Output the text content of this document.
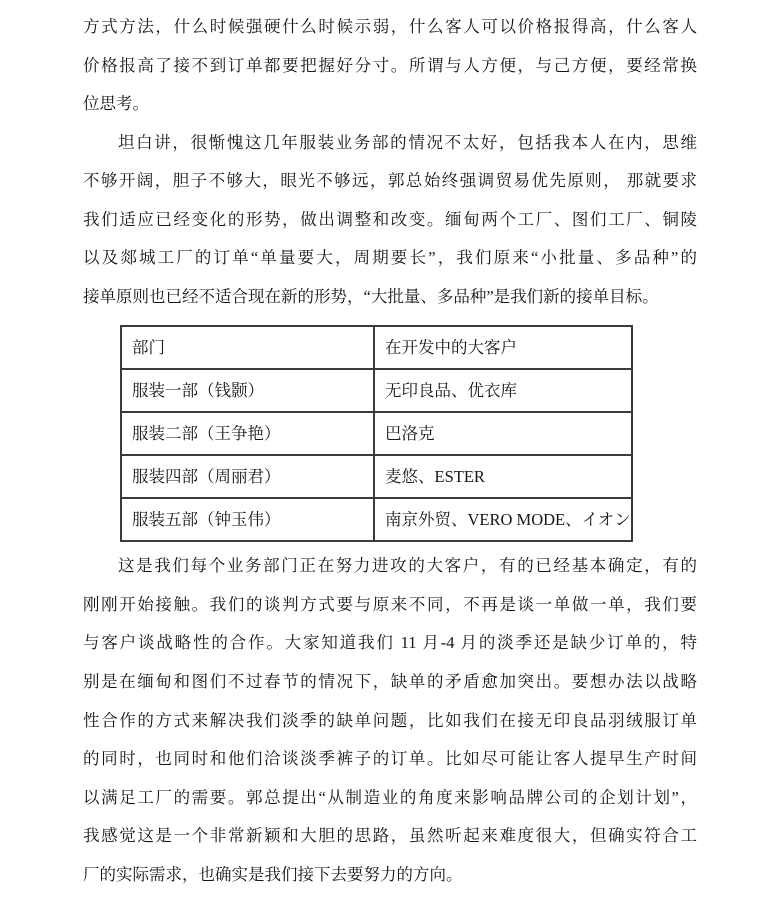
方式方法，什么时候强硬什么时候示弱，什么客人可以价格报得高，什么客人
价格报高了接不到订单都要把握好分寸。所谓与人方便，与己方便，要经常换
位思考。
坦白讲，很惭愧这几年服装业务部的情况不太好，包括我本人在内，思维
不够开阔，胆子不够大，眼光不够远，郭总始终强调贸易优先原则， 那就要求
我们适应已经变化的形势，做出调整和改变。缅甸两个工厂、图们工厂、铜陵
以及郯城工厂的订单“单量要大，周期要长”，我们原来“小批量、多品种”的
接单原则也已经不适合现在新的形势，“大批量、多品种”是我们新的接单目标。
部门	在开发中的大客户
服装一部（钱颢）	无印良品、优衣库
服装二部（王争艳）	巴洛克
服装四部（周丽君）	麦悠、ESTER
服装五部（钟玉伟）	南京外贸、VERO MODE、イオン
这是我们每个业务部门正在努力进攻的大客户，有的已经基本确定，有的
刚刚开始接触。我们的谈判方式要与原来不同，不再是谈一单做一单，我们要
与客户谈战略性的合作。大家知道我们 11 月-4 月的淡季还是缺少订单的，特
别是在缅甸和图们不过春节的情况下，缺单的矛盾愈加突出。要想办法以战略
性合作的方式来解决我们淡季的缺单问题，比如我们在接无印良品羽绒服订单
的同时，也同时和他们洽谈淡季裤子的订单。比如尽可能让客人提早生产时间
以满足工厂的需要。郭总提出“从制造业的角度来影响品牌公司的企划计划”，
我感觉这是一个非常新颖和大胆的思路，虽然听起来难度很大，但确实符合工
厂的实际需求，也确实是我们接下去要努力的方向。
